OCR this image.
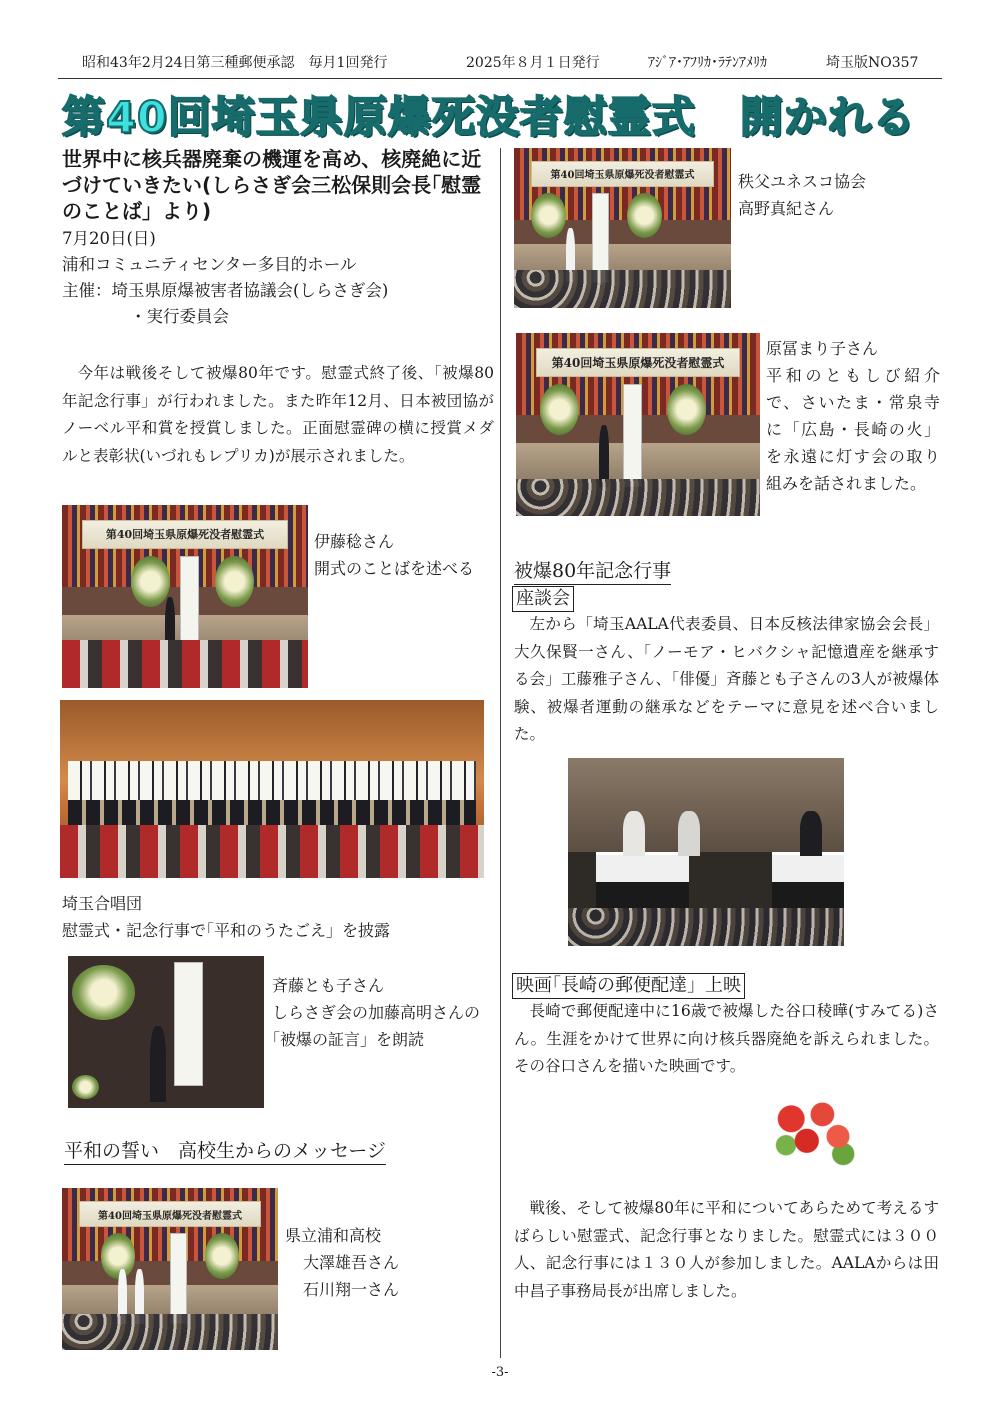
昭和43年2月24日第三種郵便承認　毎月1回発行	2025年８月１日発行	ｱｼﾞｱ･ｱﾌﾘｶ･ﾗﾃﾝｱﾒﾘｶ	埼玉版NO357
第40回埼玉県原爆死没者慰霊式　開かれる
世界中に核兵器廃棄の機運を高め、核廃絶に近づけていきたい(しらさぎ会三松保則会長｢慰霊のことば」より)
7月20日(日)
浦和コミュニティセンター多目的ホール
主催：埼玉県原爆被害者協議会(しらさぎ会)
・実行委員会
今年は戦後そして被爆80年です。慰霊式終了後、「被爆80年記念行事」が行われました。また昨年12月、日本被団協がノーベル平和賞を授賞しました。正面慰霊碑の横に授賞メダルと表彰状(いづれもレプリカ)が展示されました。
第40回埼玉県原爆死没者慰霊式	伊藤稔さん
開式のことばを述べる
埼玉合唱団
慰霊式・記念行事で｢平和のうたごえ」を披露
斉藤とも子さん
しらさぎ会の加藤高明さんの｢被爆の証言」を朗読
平和の誓い　高校生からのメッセージ
第40回埼玉県原爆死没者慰霊式
県立浦和高校
大澤雄吾さん
石川翔一さん
第40回埼玉県原爆死没者慰霊式	秩父ユネスコ協会
高野真紀さん
第40回埼玉県原爆死没者慰霊式
原冨まり子さん
平和のともしび紹介で、さいたま・常泉寺に「広島・長崎の火」を永遠に灯す会の取り組みを話されました。
被爆80年記念行事
座談会
左から「埼玉AALA代表委員、日本反核法律家協会会長」大久保賢一さん、「ノーモア・ヒバクシャ記憶遺産を継承する会」工藤雅子さん、「俳優」斉藤とも子さんの3人が被爆体験、被爆者運動の継承などをテーマに意見を述べ合いました。
映画｢長崎の郵便配達」上映
長崎で郵便配達中に16歳で被爆した谷口稜曄(すみてる)さん。生涯をかけて世界に向け核兵器廃絶を訴えられました。その谷口さんを描いた映画です。
戦後、そして被爆80年に平和についてあらためて考えるすばらしい慰霊式、記念行事となりました。慰霊式には３００人、記念行事には１３０人が参加しました。AALAからは田中昌子事務局長が出席しました。
-3-
